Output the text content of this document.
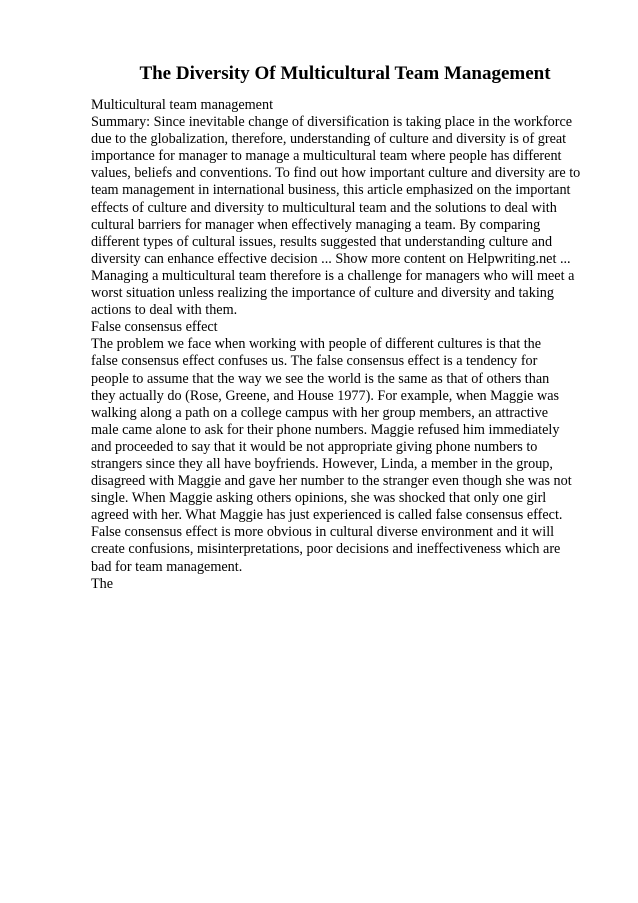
The Diversity Of Multicultural Team Management
Multicultural team management
Summary: Since inevitable change of diversification is taking place in the workforce
due to the globalization, therefore, understanding of culture and diversity is of great
importance for manager to manage a multicultural team where people has different
values, beliefs and conventions. To find out how important culture and diversity are to
team management in international business, this article emphasized on the important
effects of culture and diversity to multicultural team and the solutions to deal with
cultural barriers for manager when effectively managing a team. By comparing
different types of cultural issues, results suggested that understanding culture and
diversity can enhance effective decision ... Show more content on Helpwriting.net ...
Managing a multicultural team therefore is a challenge for managers who will meet a
worst situation unless realizing the importance of culture and diversity and taking
actions to deal with them.
False consensus effect
The problem we face when working with people of different cultures is that the
false consensus effect confuses us. The false consensus effect is a tendency for
people to assume that the way we see the world is the same as that of others than
they actually do (Rose, Greene, and House 1977). For example, when Maggie was
walking along a path on a college campus with her group members, an attractive
male came alone to ask for their phone numbers. Maggie refused him immediately
and proceeded to say that it would be not appropriate giving phone numbers to
strangers since they all have boyfriends. However, Linda, a member in the group,
disagreed with Maggie and gave her number to the stranger even though she was not
single. When Maggie asking others opinions, she was shocked that only one girl
agreed with her. What Maggie has just experienced is called false consensus effect.
False consensus effect is more obvious in cultural diverse environment and it will
create confusions, misinterpretations, poor decisions and ineffectiveness which are
bad for team management.
The
